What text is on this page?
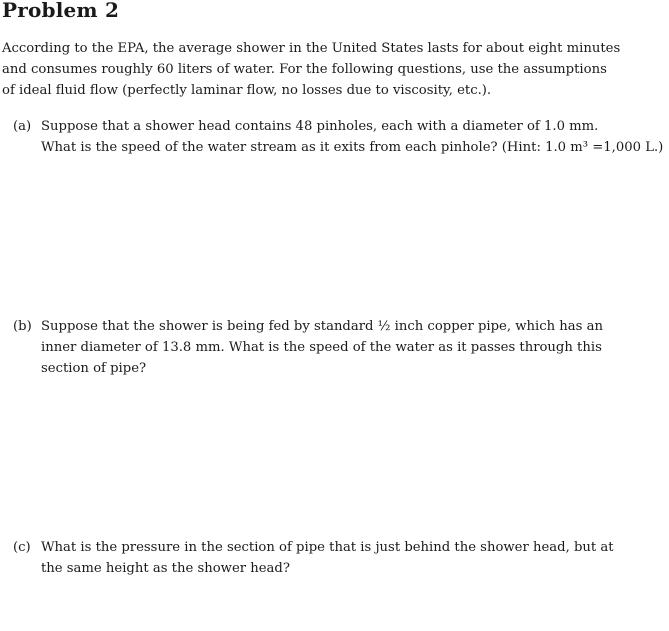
Problem 2
According to the EPA, the average shower in the United States lasts for about eight minutes
and consumes roughly 60 liters of water. For the following questions, use the assumptions
of ideal fluid flow (perfectly laminar flow, no losses due to viscosity, etc.).
(a) Suppose that a shower head contains 48 pinholes, each with a diameter of 1.0 mm.
What is the speed of the water stream as it exits from each pinhole? (Hint: 1.0 m³ =1,000 L.)
(b) Suppose that the shower is being fed by standard ½ inch copper pipe, which has an
inner diameter of 13.8 mm. What is the speed of the water as it passes through this
section of pipe?
(c) What is the pressure in the section of pipe that is just behind the shower head, but at
the same height as the shower head?
